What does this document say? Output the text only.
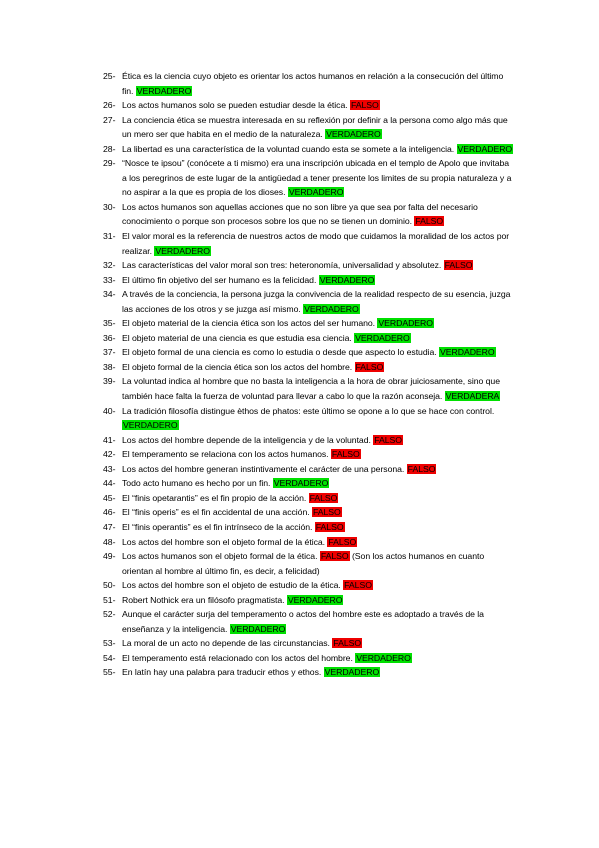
25- Ética es la ciencia cuyo objeto es orientar los actos humanos en relación a la consecución del último fin. VERDADERO
26- Los actos humanos solo se pueden estudiar desde la ética. FALSO
27- La conciencia ética se muestra interesada en su reflexión por definir a la persona como algo más que un mero ser que habita en el medio de la naturaleza. VERDADERO
28- La libertad es una característica de la voluntad cuando esta se somete a la inteligencia. VERDADERO
29- “Nosce te ipsou” (conócete a ti mismo) era una inscripción ubicada en el templo de Apolo que invitaba a los peregrinos de este lugar de la antigüedad a tener presente los limites de su propia naturaleza y a no aspirar a la que es propia de los dioses. VERDADERO
30- Los actos humanos son aquellas acciones que no son libre ya que sea por falta del necesario conocimiento o porque son procesos sobre los que no se tienen un dominio. FALSO
31- El valor moral es la referencia de nuestros actos de modo que cuidamos la moralidad de los actos por realizar. VERDADERO
32- Las características del valor moral son tres: heteronomía, universalidad y absolutez. FALSO
33- El último fin objetivo del ser humano es la felicidad. VERDADERO
34- A través de la conciencia, la persona juzga la convivencia de la realidad respecto de su esencia, juzga las acciones de los otros y se juzga así mismo. VERDADERO
35- El objeto material de la ciencia ética son los actos del ser humano. VERDADERO
36- El objeto material de una ciencia es que estudia esa ciencia. VERDADERO
37- El objeto formal de una ciencia es como lo estudia o desde que aspecto lo estudia. VERDADERO
38- El objeto formal de la ciencia ética son los actos del hombre. FALSO
39- La voluntad indica al hombre que no basta la inteligencia a la hora de obrar juiciosamente, sino que también hace falta la fuerza de voluntad para llevar a cabo lo que la razón aconseja. VERDADERA
40- La tradición filosofía distingue èthos de phatos: este último se opone a lo que se hace con control. VERDADERO
41- Los actos del hombre depende de la inteligencia y de la voluntad. FALSO
42- El temperamento se relaciona con los actos humanos. FALSO
43- Los actos del hombre generan instintivamente el carácter de una persona. FALSO
44- Todo acto humano es hecho por un fin. VERDADERO
45- El “finis opetarantis” es el fin propio de la acción. FALSO
46- El “finis operis” es el fin accidental de una acción. FALSO
47- El “finis operantis” es el fin intrínseco de la acción. FALSO
48- Los actos del hombre son el objeto formal de la ética. FALSO
49- Los actos humanos son el objeto formal de la ética. FALSO (Son los actos humanos en cuanto orientan al hombre al último fin, es decir, a felicidad)
50- Los actos del hombre son el objeto de estudio de la ética. FALSO
51- Robert Nothick era un filósofo pragmatista. VERDADERO
52- Aunque el carácter surja del temperamento o actos del hombre este es adoptado a través de la enseñanza y la inteligencia. VERDADERO
53- La moral de un acto no depende de las circunstancias. FALSO
54- El temperamento está relacionado con los actos del hombre. VERDADERO
55- En latín hay una palabra para traducir ethos y ethos. VERDADERO
